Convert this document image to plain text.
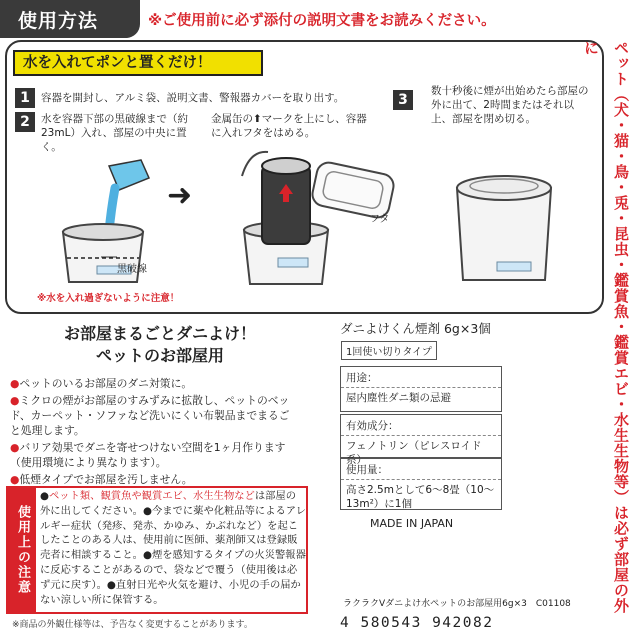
使用方法	※ご使用前に必ず添付の説明文書をお読みください。
水を入れてポンと置くだけ！
1	容器を開封し、アルミ袋、説明文書、警報器カバーを取り出す。
2	水を容器下部の黒破線まで（約23mL）入れ、部屋の中央に置く。
金属缶の⬆マークを上にし、容器に入れフタをはめる。
3
数十秒後に煙が出始めたら部屋の外に出て、2時間またはそれ以上、部屋を閉め切る。
黒破線
➜
フタ
※水を入れ過ぎないように注意！	ペット（犬・猫・鳥・兎・昆虫・鑑賞魚・鑑賞エビ・水生生物等）は必ず部屋の外に
お部屋まるごとダニよけ！
ペットのお部屋用
●ペットのいるお部屋のダニ対策に。
●ミクロの煙がお部屋のすみずみに拡散し、ペットのベッド、カーペット・ソファなど洗いにくい布製品までまるごと処理します。
●バリア効果でダニを寄せつけない空間を1ヶ月作ります（使用環境により異なります）。
●低煙タイプでお部屋を汚しません。
使用上の注意
●ペット類、観賞魚や観賞エビ、水生生物などは部屋の外に出してください。●今までに薬や化粧品等によるアレルギー症状（発疹、発赤、かゆみ、かぶれなど）を起こしたことのある人は、使用前に医師、薬剤師又は登録販売者に相談すること。●煙を感知するタイプの火災警報器に反応することがあるので、袋などで覆う（使用後は必ず元に戻す）。●直射日光や火気を避け、小児の手の届かない涼しい所に保管する。
※商品の外観仕様等は、予告なく変更することがあります。
ダニよけくん煙剤 6g×3個
1回使い切りタイプ
用途：
屋内塵性ダニ類の忌避
有効成分：
フェノトリン（ピレスロイド系）
使用量：
高さ2.5mとして6〜8畳（10〜13m²）に1個
MADE IN JAPAN
ラクラクVダニよけ水ペットのお部屋用6g×3　C01108
4 580543 942082
